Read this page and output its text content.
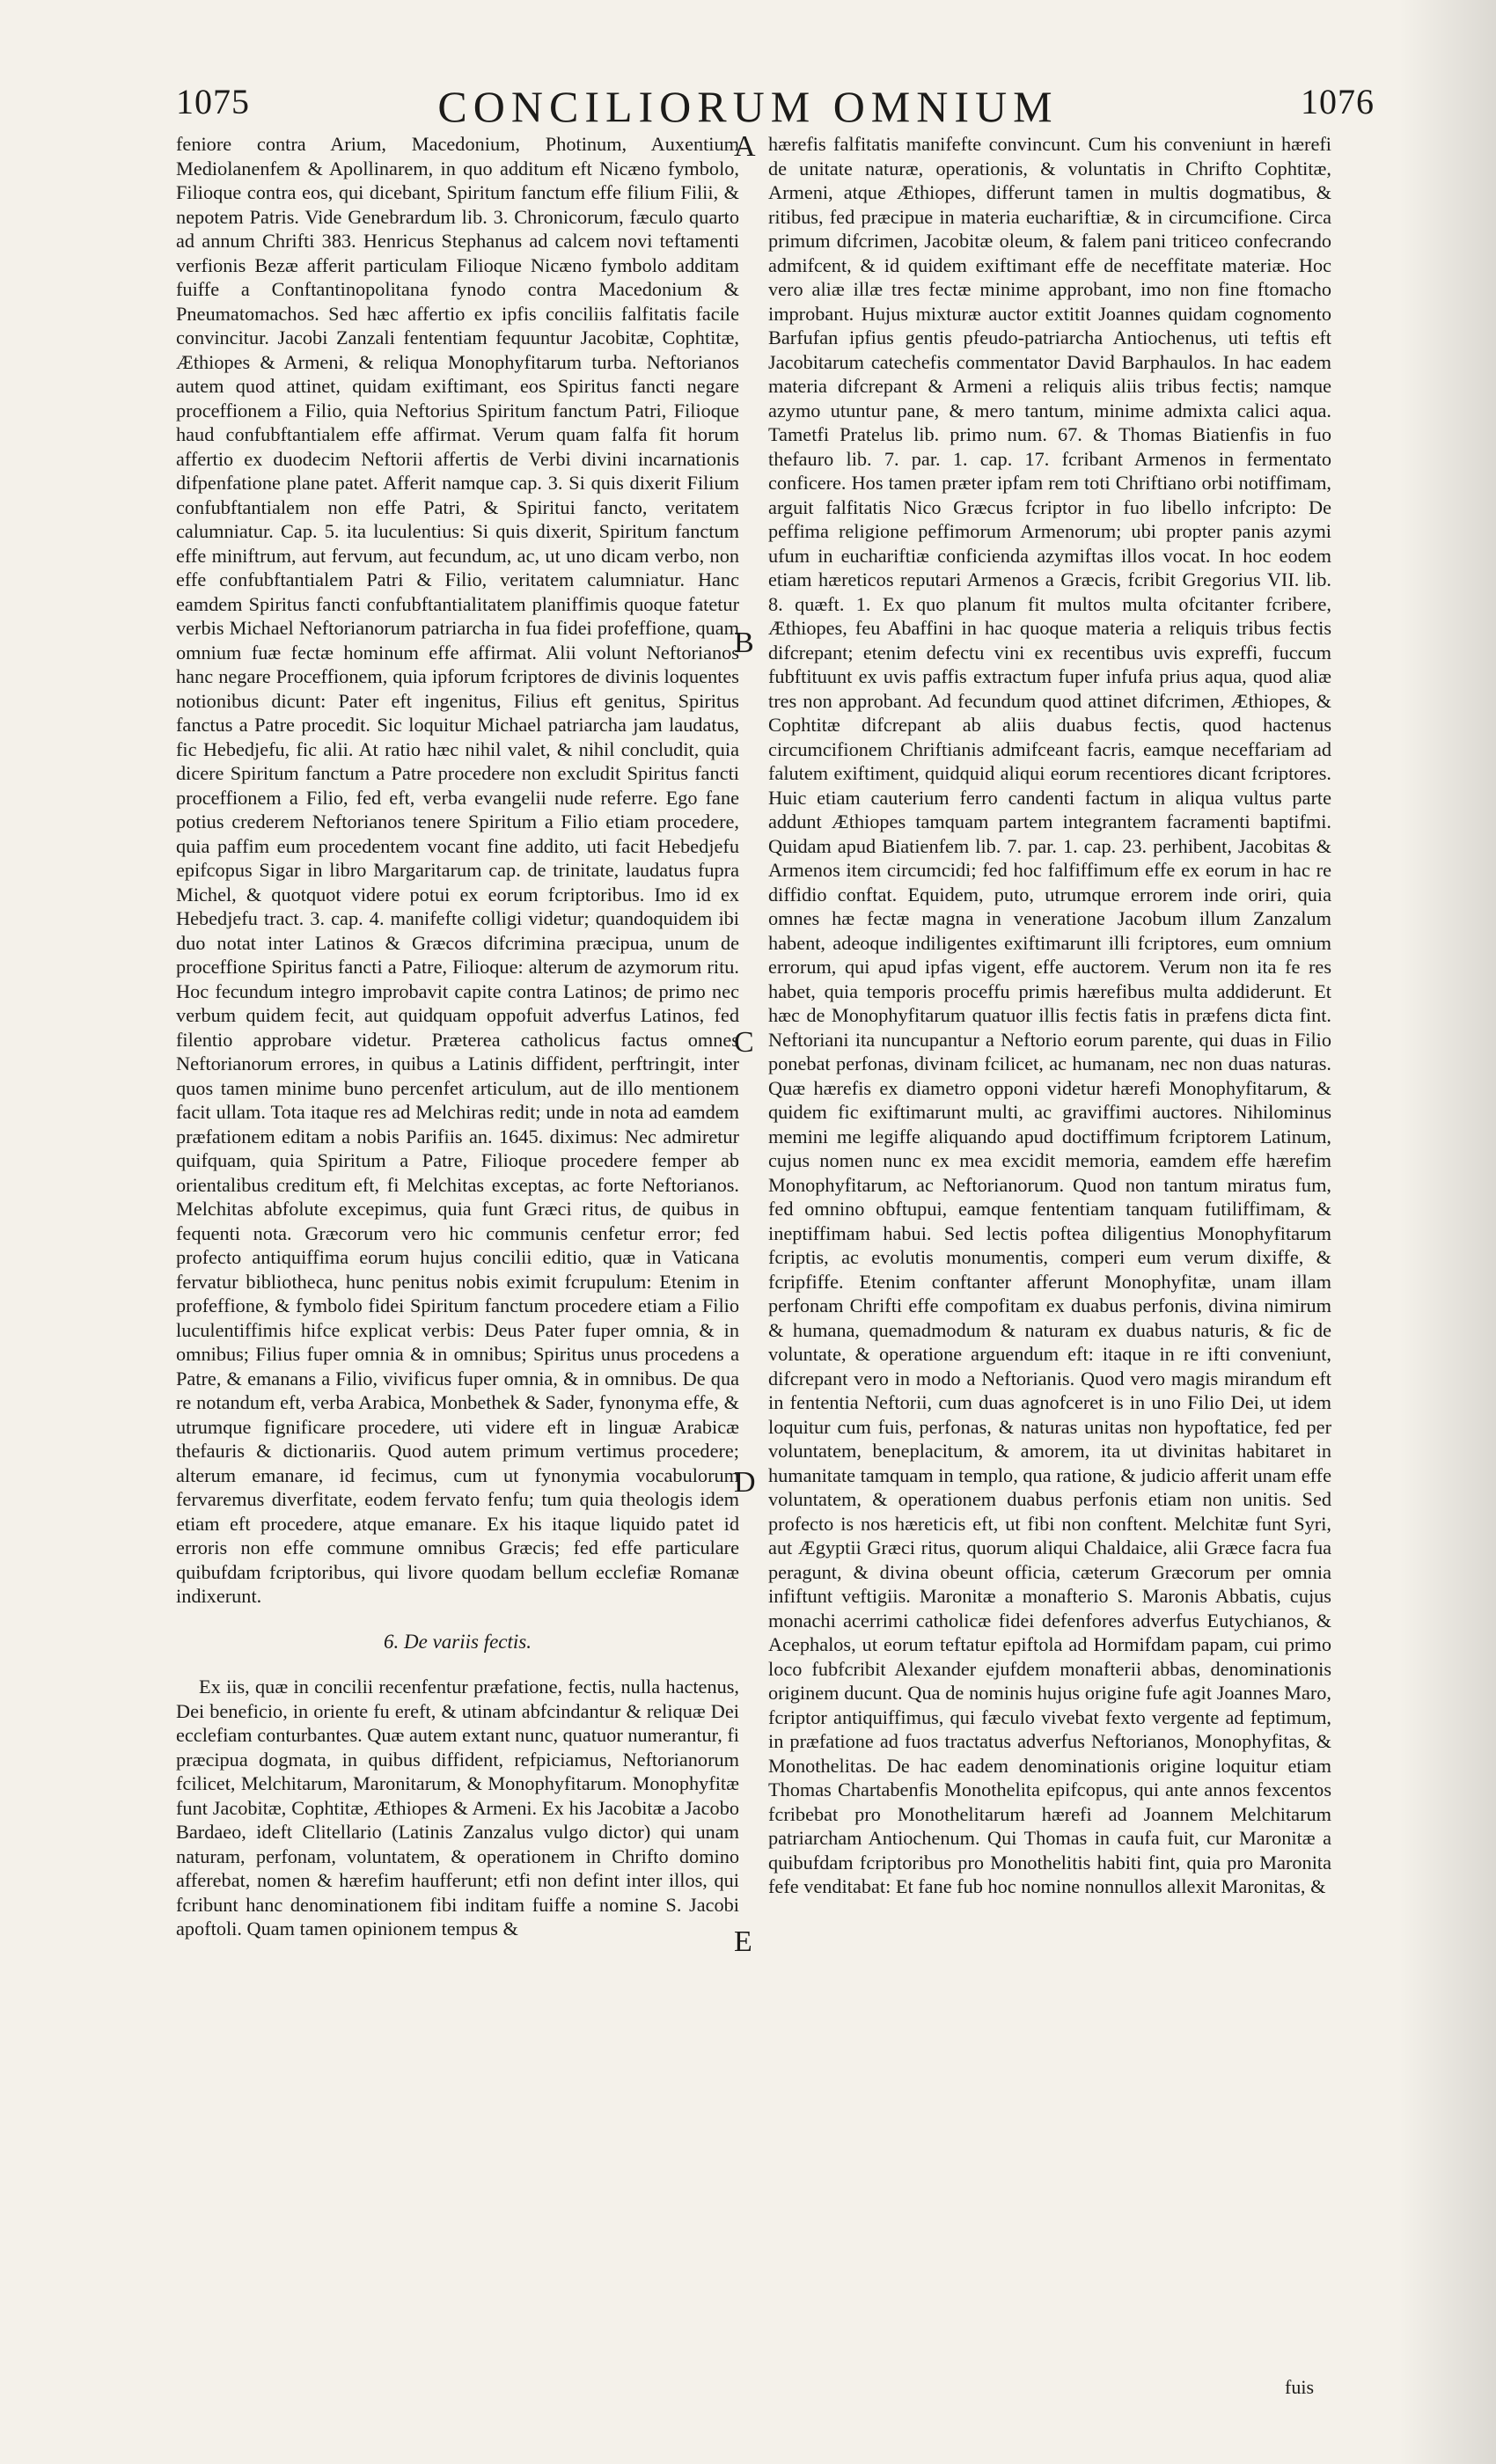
1075	CONCILIORUM OMNIUM	1076

feniore contra Arium, Macedonium, Photinum, Auxentium Mediolanenfem & Apollinarem, in quo additum eft Nicæno fymbolo, Filioque contra eos, qui dicebant, Spiritum fanctum effe filium Filii, & nepotem Patris. Vide Genebrardum lib. 3. Chronicorum, fæculo quarto ad annum Chrifti 383. Henricus Stephanus ad calcem novi teftamenti verfionis Bezæ afferit particulam Filioque Nicæno fymbolo additam fuiffe a Conftantinopolitana fynodo contra Macedonium & Pneumatomachos. Sed hæc affertio ex ipfis conciliis falfitatis facile convincitur. Jacobi Zanzali fententiam fequuntur Jacobitæ, Cophtitæ, Æthiopes & Armeni, & reliqua Monophyfitarum turba. Neftorianos autem quod attinet, quidam exiftimant, eos Spiritus fancti negare proceffionem a Filio, quia Neftorius Spiritum fanctum Patri, Filioque haud confubftantialem effe affirmat. Verum quam falfa fit horum affertio ex duodecim Neftorii affertis de Verbi divini incarnationis difpenfatione plane patet. Afferit namque cap. 3. Si quis dixerit Filium confubftantialem non effe Patri, & Spiritui fancto, veritatem calumniatur. Cap. 5. ita luculentius: Si quis dixerit, Spiritum fanctum effe miniftrum, aut fervum, aut fecundum, ac, ut uno dicam verbo, non effe confubftantialem Patri & Filio, veritatem calumniatur. Hanc eamdem Spiritus fancti confubftantialitatem planiffimis quoque fatetur verbis Michael Neftorianorum patriarcha in fua fidei profeffione, quam omnium fuæ fectæ hominum effe affirmat. Alii volunt Neftorianos hanc negare Proceffionem, quia ipforum fcriptores de divinis loquentes notionibus dicunt: Pater eft ingenitus, Filius eft genitus, Spiritus fanctus a Patre procedit. Sic loquitur Michael patriarcha jam laudatus, fic Hebedjefu, fic alii. At ratio hæc nihil valet, & nihil concludit, quia dicere Spiritum fanctum a Patre procedere non excludit Spiritus fancti proceffionem a Filio, fed eft, verba evangelii nude referre. Ego fane potius crederem Neftorianos tenere Spiritum a Filio etiam procedere, quia paffim eum procedentem vocant fine addito, uti facit Hebedjefu epifcopus Sigar in libro Margaritarum cap. de trinitate, laudatus fupra Michel, & quotquot videre potui ex eorum fcriptoribus. Imo id ex Hebedjefu tract. 3. cap. 4. manifefte colligi videtur; quandoquidem ibi duo notat inter Latinos & Græcos difcrimina præcipua, unum de proceffione Spiritus fancti a Patre, Filioque: alterum de azymorum ritu. Hoc fecundum integro improbavit capite contra Latinos; de primo nec verbum quidem fecit, aut quidquam oppofuit adverfus Latinos, fed filentio approbare videtur. Præterea catholicus factus omnes Neftorianorum errores, in quibus a Latinis diffident, perftringit, inter quos tamen minime buno percenfet articulum, aut de illo mentionem facit ullam. Tota itaque res ad Melchiras redit; unde in nota ad eamdem præfationem editam a nobis Parifiis an. 1645. diximus: Nec admiretur quifquam, quia Spiritum a Patre, Filioque procedere femper ab orientalibus creditum eft, fi Melchitas exceptas, ac forte Neftorianos. Melchitas abfolute excepimus, quia funt Græci ritus, de quibus in fequenti nota. Græcorum vero hic communis cenfetur error; fed profecto antiquiffima eorum hujus concilii editio, quæ in Vaticana fervatur bibliotheca, hunc penitus nobis eximit fcrupulum: Etenim in profeffione, & fymbolo fidei Spiritum fanctum procedere etiam a Filio luculentiffimis hifce explicat verbis: Deus Pater fuper omnia, & in omnibus; Filius fuper omnia & in omnibus; Spiritus unus procedens a Patre, & emanans a Filio, vivificus fuper omnia, & in omnibus. De qua re notandum eft, verba Arabica, Monbethek & Sader, fynonyma effe, & utrumque fignificare procedere, uti videre eft in linguæ Arabicæ thefauris & dictionariis. Quod autem primum vertimus procedere; alterum emanare, id fecimus, cum ut fynonymia vocabulorum fervaremus diverfitate, eodem fervato fenfu; tum quia theologis idem etiam eft procedere, atque emanare. Ex his itaque liquido patet id erroris non effe commune omnibus Græcis; fed effe particulare quibufdam fcriptoribus, qui livore quodam bellum ecclefiæ Romanæ indixerunt.

6. De variis fectis.

Ex iis, quæ in concilii recenfentur præfatione, fectis, nulla hactenus, Dei beneficio, in oriente fu ereft, & utinam abfcindantur & reliquæ Dei ecclefiam conturbantes. Quæ autem extant nunc, quatuor numerantur, fi præcipua dogmata, in quibus diffident, refpiciamus, Neftorianorum fcilicet, Melchitarum, Maronitarum, & Monophyfitarum. Monophyfitæ funt Jacobitæ, Cophtitæ, Æthiopes & Armeni. Ex his Jacobitæ a Jacobo Bardaeo, ideft Clitellario (Latinis Zanzalus vulgo dictor) qui unam naturam, perfonam, voluntatem, & operationem in Chrifto domino afferebat, nomen & hærefim haufferunt; etfi non defint inter illos, qui fcribunt hanc denominationem fibi inditam fuiffe a nomine S. Jacobi apoftoli. Quam tamen opinionem tempus &

A
B
C
D
E

hærefis falfitatis manifefte convincunt. Cum his conveniunt in hærefi de unitate naturæ, operationis, & voluntatis in Chrifto Cophtitæ, Armeni, atque Æthiopes, differunt tamen in multis dogmatibus, & ritibus, fed præcipue in materia euchariftiæ, & in circumcifione. Circa primum difcrimen, Jacobitæ oleum, & falem pani triticeo confecrando admifcent, & id quidem exiftimant effe de neceffitate materiæ. Hoc vero aliæ illæ tres fectæ minime approbant, imo non fine ftomacho improbant. Hujus mixturæ auctor extitit Joannes quidam cognomento Barfufan ipfius gentis pfeudo-patriarcha Antiochenus, uti teftis eft Jacobitarum catechefis commentator David Barphaulos. In hac eadem materia difcrepant & Armeni a reliquis aliis tribus fectis; namque azymo utuntur pane, & mero tantum, minime admixta calici aqua. Tametfi Pratelus lib. primo num. 67. & Thomas Biatienfis in fuo thefauro lib. 7. par. 1. cap. 17. fcribant Armenos in fermentato conficere. Hos tamen præter ipfam rem toti Chriftiano orbi notiffimam, arguit falfitatis Nico Græcus fcriptor in fuo libello infcripto: De peffima religione peffimorum Armenorum; ubi propter panis azymi ufum in euchariftiæ conficienda azymiftas illos vocat. In hoc eodem etiam hæreticos reputari Armenos a Græcis, fcribit Gregorius VII. lib. 8. quæft. 1. Ex quo planum fit multos multa ofcitanter fcribere, Æthiopes, feu Abaffini in hac quoque materia a reliquis tribus fectis difcrepant; etenim defectu vini ex recentibus uvis expreffi, fuccum fubftituunt ex uvis paffis extractum fuper infufa prius aqua, quod aliæ tres non approbant. Ad fecundum quod attinet difcrimen, Æthiopes, & Cophtitæ difcrepant ab aliis duabus fectis, quod hactenus circumcifionem Chriftianis admifceant facris, eamque neceffariam ad falutem exiftiment, quidquid aliqui eorum recentiores dicant fcriptores. Huic etiam cauterium ferro candenti factum in aliqua vultus parte addunt Æthiopes tamquam partem integrantem facramenti baptifmi. Quidam apud Biatienfem lib. 7. par. 1. cap. 23. perhibent, Jacobitas & Armenos item circumcidi; fed hoc falfiffimum effe ex eorum in hac re diffidio conftat. Equidem, puto, utrumque errorem inde oriri, quia omnes hæ fectæ magna in veneratione Jacobum illum Zanzalum habent, adeoque indiligentes exiftimarunt illi fcriptores, eum omnium errorum, qui apud ipfas vigent, effe auctorem. Verum non ita fe res habet, quia temporis proceffu primis hærefibus multa addiderunt. Et hæc de Monophyfitarum quatuor illis fectis fatis in præfens dicta fint. Neftoriani ita nuncupantur a Neftorio eorum parente, qui duas in Filio ponebat perfonas, divinam fcilicet, ac humanam, nec non duas naturas. Quæ hærefis ex diametro opponi videtur hærefi Monophyfitarum, & quidem fic exiftimarunt multi, ac graviffimi auctores. Nihilominus memini me legiffe aliquando apud doctiffimum fcriptorem Latinum, cujus nomen nunc ex mea excidit memoria, eamdem effe hærefim Monophyfitarum, ac Neftorianorum. Quod non tantum miratus fum, fed omnino obftupui, eamque fententiam tanquam futiliffimam, & ineptiffimam habui. Sed lectis poftea diligentius Monophyfitarum fcriptis, ac evolutis monumentis, comperi eum verum dixiffe, & fcripfiffe. Etenim conftanter afferunt Monophyfitæ, unam illam perfonam Chrifti effe compofitam ex duabus perfonis, divina nimirum & humana, quemadmodum & naturam ex duabus naturis, & fic de voluntate, & operatione arguendum eft: itaque in re ifti conveniunt, difcrepant vero in modo a Neftorianis. Quod vero magis mirandum eft in fententia Neftorii, cum duas agnofceret is in uno Filio Dei, ut idem loquitur cum fuis, perfonas, & naturas unitas non hypoftatice, fed per voluntatem, beneplacitum, & amorem, ita ut divinitas habitaret in humanitate tamquam in templo, qua ratione, & judicio afferit unam effe voluntatem, & operationem duabus perfonis etiam non unitis. Sed profecto is nos hæreticis eft, ut fibi non conftent. Melchitæ funt Syri, aut Ægyptii Græci ritus, quorum aliqui Chaldaice, alii Græce facra fua peragunt, & divina obeunt officia, cæterum Græcorum per omnia infiftunt veftigiis. Maronitæ a monafterio S. Maronis Abbatis, cujus monachi acerrimi catholicæ fidei defenfores adverfus Eutychianos, & Acephalos, ut eorum teftatur epiftola ad Hormifdam papam, cui primo loco fubfcribit Alexander ejufdem monafterii abbas, denominationis originem ducunt. Qua de nominis hujus origine fufe agit Joannes Maro, fcriptor antiquiffimus, qui fæculo vivebat fexto vergente ad feptimum, in præfatione ad fuos tractatus adverfus Neftorianos, Monophyfitas, & Monothelitas. De hac eadem denominationis origine loquitur etiam Thomas Chartabenfis Monothelita epifcopus, qui ante annos fexcentos fcribebat pro Monothelitarum hærefi ad Joannem Melchitarum patriarcham Antiochenum. Qui Thomas in caufa fuit, cur Maronitæ a quibufdam fcriptoribus pro Monothelitis habiti fint, quia pro Maronita fefe venditabat: Et fane fub hoc nomine nonnullos allexit Maronitas, &

fuis
